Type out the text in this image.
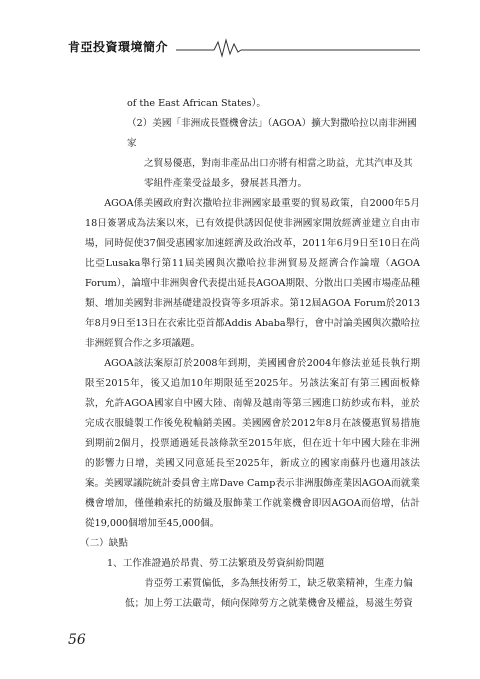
肯亞投資環境簡介

of the East African States）。

（2）美國「非洲成長暨機會法」（AGOA）擴大對撒哈拉以南非洲國家

之貿易優惠，對南非產品出口亦將有相當之助益，尤其汽車及其

零組件產業受益最多，發展甚具潛力。

AGOA係美國政府對次撒哈拉非洲國家最重要的貿易政策，自2000年5月18日簽署成為法案以來，已有效提供誘因促使非洲國家開放經濟並建立自由市場，同時促使37個受惠國家加速經濟及政治改革，2011年6月9日至10日在尚比亞Lusaka舉行第11屆美國與次撒哈拉非洲貿易及經濟合作論壇（AGOA Forum），論壇中非洲與會代表提出延長AGOA期限、分散出口美國市場產品種類、增加美國對非洲基礎建設投資等多項訴求。第12屆AGOA Forum於2013年8月9日至13日在衣索比亞首都Addis Ababa舉行，會中討論美國與次撒哈拉非洲經貿合作之多項議題。

AGOA該法案原訂於2008年到期，美國國會於2004年修法並延長執行期限至2015年，後又追加10年期限延至2025年。另該法案訂有第三國面板條款，允許AGOA國家自中國大陸、南韓及越南等第三國進口紡紗或布料，並於完成衣服縫製工作後免稅輸銷美國。美國國會於2012年8月在該優惠貿易措施到期前2個月，投票通過延長該條款至2015年底，但在近十年中國大陸在非洲的影響力日增，美國又同意延長至2025年，新成立的國家南蘇丹也適用該法案。美國眾議院統計委員會主席Dave Camp表示非洲服飾產業因AGOA而就業機會增加，僅僅賴索托的紡織及服飾業工作就業機會即因AGOA而倍增，估計從19,000個增加至45,000個。

（二）缺點

1、工作准證過於昂貴、勞工法繁瑣及勞資糾紛問題

肯亞勞工素質偏低，多為無技術勞工，缺乏敬業精神，生產力偏

低；加上勞工法嚴苛，傾向保障勞方之就業機會及權益，易滋生勞資

56
